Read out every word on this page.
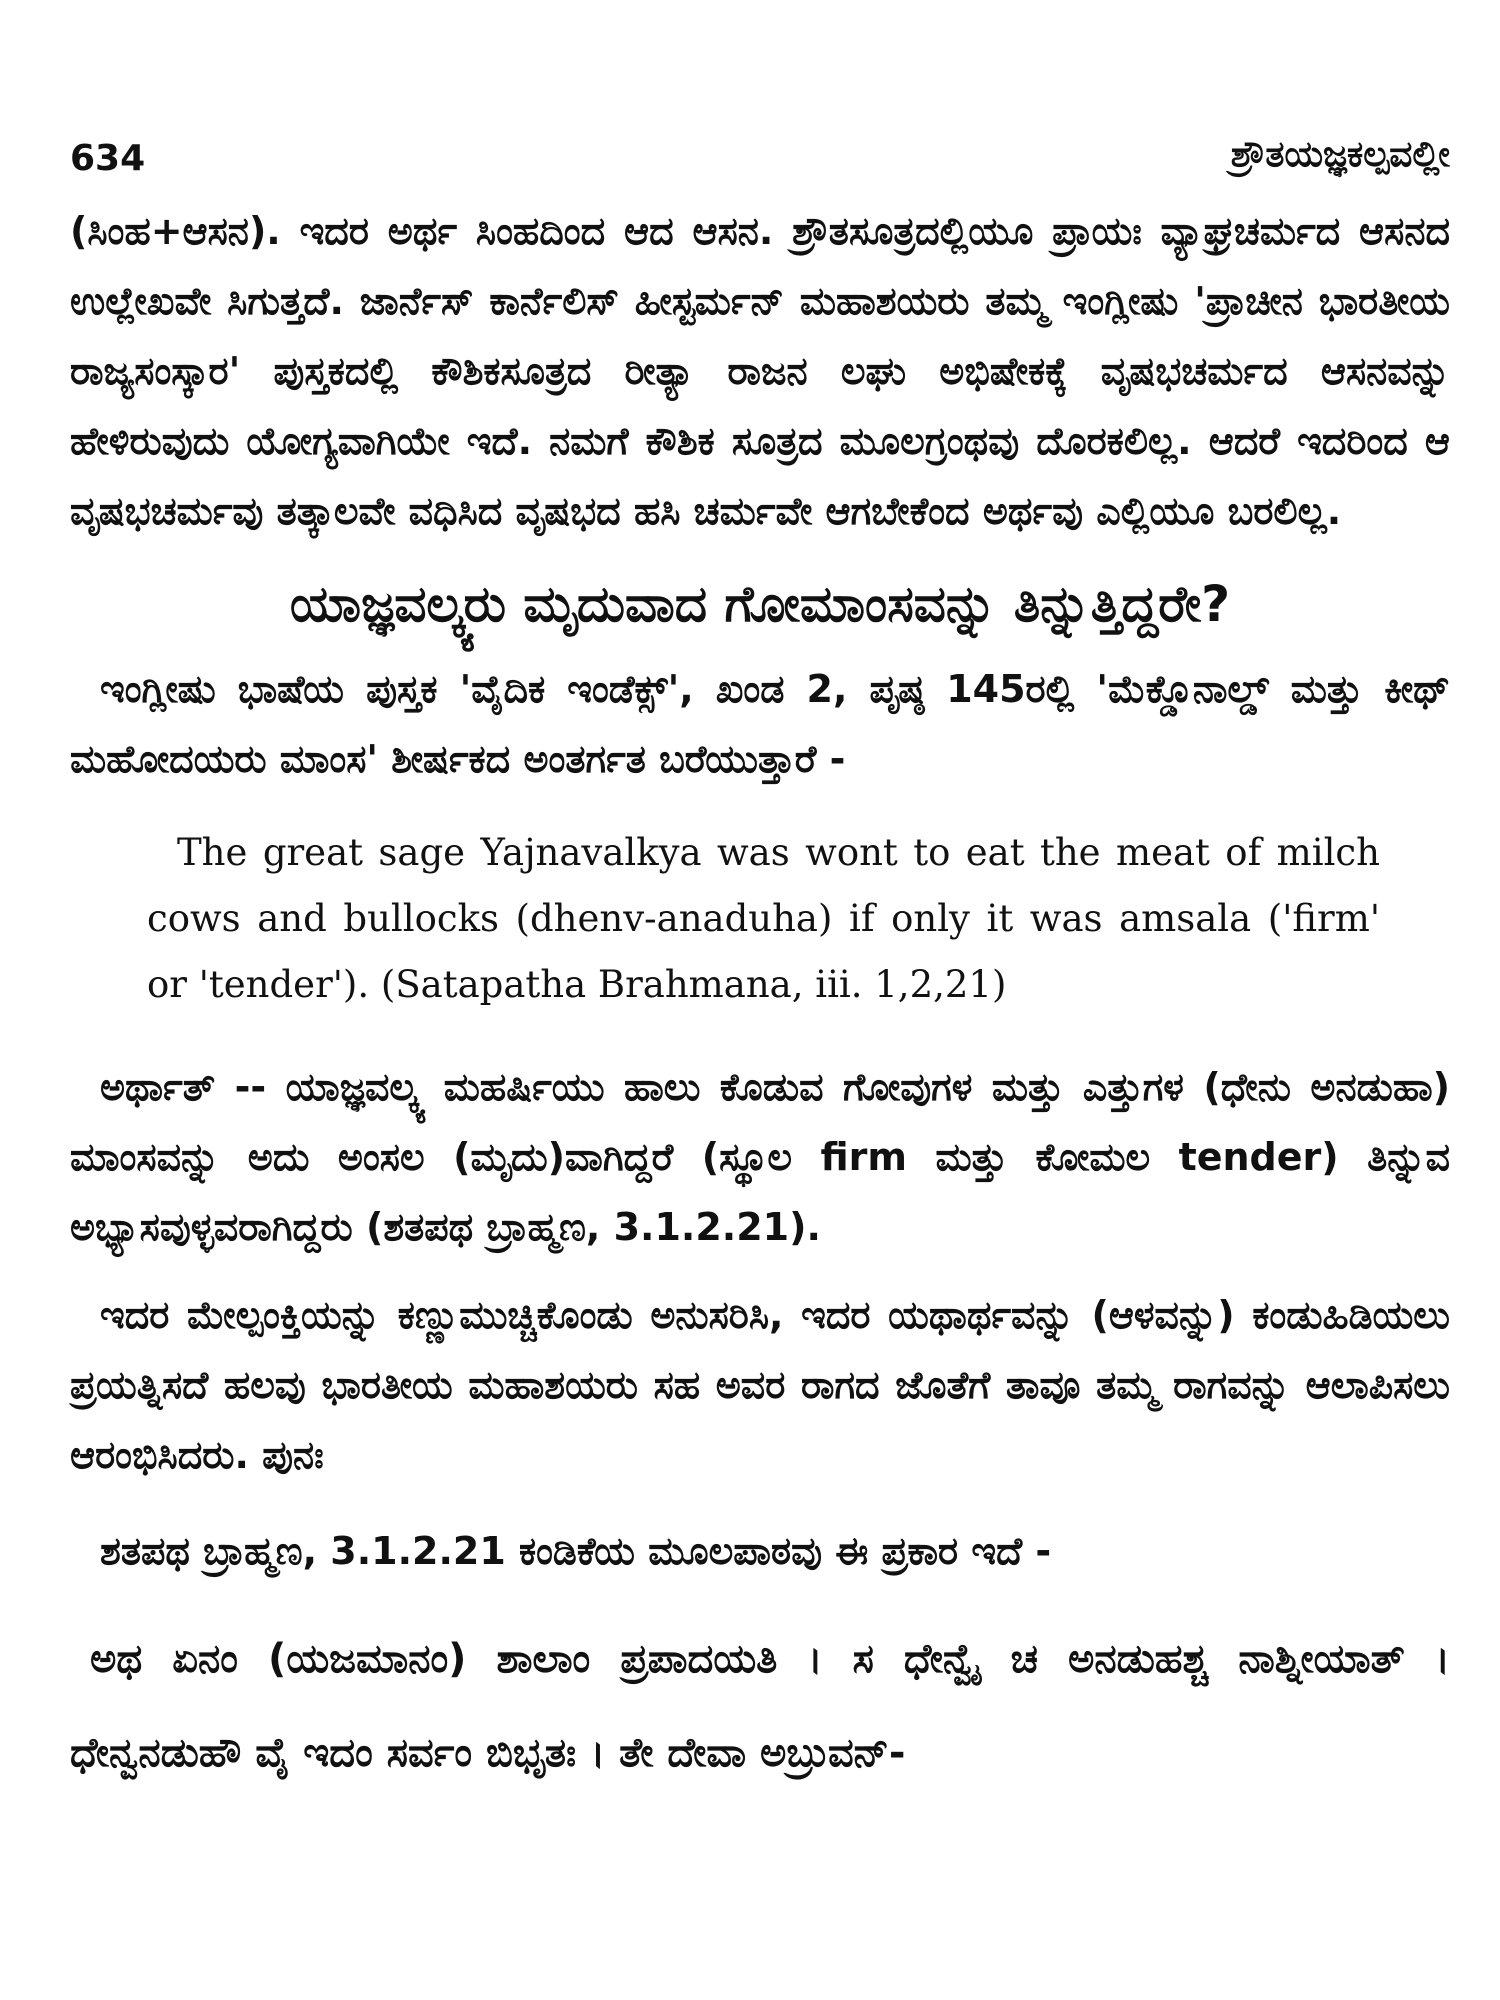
634	ಶ್ರೌತಯಜ್ಞಕಲ್ಪವಲ್ಲೀ

(ಸಿಂಹ+ಆಸನ). ಇದರ ಅರ್ಥ ಸಿಂಹದಿಂದ ಆದ ಆಸನ. ಶ್ರೌತಸೂತ್ರದಲ್ಲಿಯೂ ಪ್ರಾಯಃ ವ್ಯಾಘ್ರಚರ್ಮದ ಆಸನದ ಉಲ್ಲೇಖವೇ ಸಿಗುತ್ತದೆ. ಜಾರ್ನೆಸ್ ಕಾರ್ನೆಲಿಸ್ ಹೀಸ್ಟರ್ಮನ್ ಮಹಾಶಯರು ತಮ್ಮ ಇಂಗ್ಲೀಷು 'ಪ್ರಾಚೀನ ಭಾರತೀಯ ರಾಜ್ಯಸಂಸ್ಕಾರ' ಪುಸ್ತಕದಲ್ಲಿ ಕೌಶಿಕಸೂತ್ರದ ರೀತ್ಯಾ ರಾಜನ ಲಘು ಅಭಿಷೇಕಕ್ಕೆ ವೃಷಭಚರ್ಮದ ಆಸನವನ್ನು ಹೇಳಿರುವುದು ಯೋಗ್ಯವಾಗಿಯೇ ಇದೆ. ನಮಗೆ ಕೌಶಿಕ ಸೂತ್ರದ ಮೂಲಗ್ರಂಥವು ದೊರಕಲಿಲ್ಲ. ಆದರೆ ಇದರಿಂದ ಆ ವೃಷಭಚರ್ಮವು ತತ್ಕಾಲವೇ ವಧಿಸಿದ ವೃಷಭದ ಹಸಿ ಚರ್ಮವೇ ಆಗಬೇಕೆಂದ ಅರ್ಥವು ಎಲ್ಲಿಯೂ ಬರಲಿಲ್ಲ.

ಯಾಜ್ಞವಲ್ಕ್ಯರು ಮೃದುವಾದ ಗೋಮಾಂಸವನ್ನು ತಿನ್ನುತ್ತಿದ್ದರೇ?

ಇಂಗ್ಲೀಷು ಭಾಷೆಯ ಪುಸ್ತಕ 'ವೈದಿಕ ಇಂಡೆಕ್ಸ್', ಖಂಡ 2, ಪೃಷ್ಠ 145ರಲ್ಲಿ 'ಮೆಕ್ಡೊನಾಲ್ಡ್ ಮತ್ತು ಕೀಥ್ ಮಹೋದಯರು ಮಾಂಸ' ಶೀರ್ಷಕದ ಅಂತರ್ಗತ ಬರೆಯುತ್ತಾರೆ -

The great sage Yajnavalkya was wont to eat the meat of milch cows and bullocks (dhenv-anaduha) if only it was amsala ('firm' or 'tender'). (Satapatha Brahmana, iii. 1,2,21)

ಅರ್ಥಾತ್ -- ಯಾಜ್ಞವಲ್ಕ್ಯ ಮಹರ್ಷಿಯು ಹಾಲು ಕೊಡುವ ಗೋವುಗಳ ಮತ್ತು ಎತ್ತುಗಳ (ಧೇನು ಅನಡುಹಾ) ಮಾಂಸವನ್ನು ಅದು ಅಂಸಲ (ಮೃದು)ವಾಗಿದ್ದರೆ (ಸ್ಥೂಲ firm ಮತ್ತು ಕೋಮಲ tender) ತಿನ್ನುವ ಅಭ್ಯಾಸವುಳ್ಳವರಾಗಿದ್ದರು (ಶತಪಥ ಬ್ರಾಹ್ಮಣ, 3.1.2.21).

ಇದರ ಮೇಲ್ಪಂಕ್ತಿಯನ್ನು ಕಣ್ಣುಮುಚ್ಚಿಕೊಂಡು ಅನುಸರಿಸಿ, ಇದರ ಯಥಾರ್ಥವನ್ನು (ಆಳವನ್ನು) ಕಂಡುಹಿಡಿಯಲು ಪ್ರಯತ್ನಿಸದೆ ಹಲವು ಭಾರತೀಯ ಮಹಾಶಯರು ಸಹ ಅವರ ರಾಗದ ಜೊತೆಗೆ ತಾವೂ ತಮ್ಮ ರಾಗವನ್ನು ಆಲಾಪಿಸಲು ಆರಂಭಿಸಿದರು. ಪುನಃ

ಶತಪಥ ಬ್ರಾಹ್ಮಣ, 3.1.2.21 ಕಂಡಿಕೆಯ ಮೂಲಪಾಠವು ಈ ಪ್ರಕಾರ ಇದೆ -

ಅಥ ಏನಂ (ಯಜಮಾನಂ) ಶಾಲಾಂ ಪ್ರಪಾದಯತಿ । ಸ ಧೇನ್ವೈ ಚ ಅನಡುಹಶ್ಚ ನಾಶ್ನೀಯಾತ್ । ಧೇನ್ವನಡುಹೌ ವೈ ಇದಂ ಸರ್ವಂ ಬಿಭೃತಃ । ತೇ ದೇವಾ ಅಬ್ರುವನ್-
